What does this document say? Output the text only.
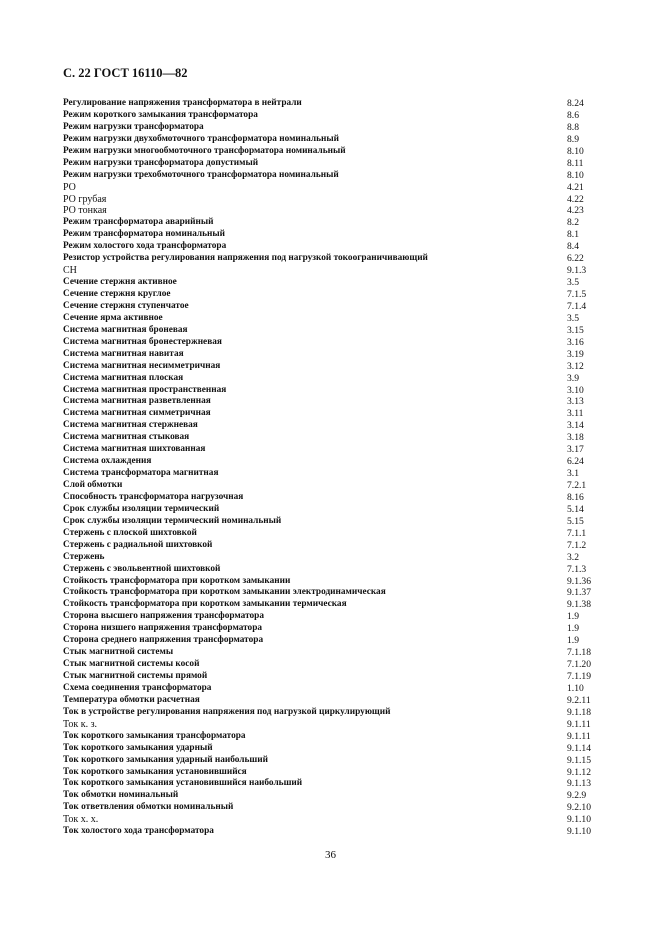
С. 22 ГОСТ 16110—82
Регулирование напряжения трансформатора в нейтрали	8.24
Режим короткого замыкания трансформатора	8.6
Режим нагрузки трансформатора	8.8
Режим нагрузки двухобмоточного трансформатора номинальный	8.9
Режим нагрузки многообмоточного трансформатора номинальный	8.10
Режим нагрузки трансформатора допустимый	8.11
Режим нагрузки трехобмоточного трансформатора номинальный	8.10
РО	4.21
РО грубая	4.22
РО тонкая	4.23
Режим трансформатора аварийный	8.2
Режим трансформатора номинальный	8.1
Режим холостого хода трансформатора	8.4
Резистор устройства регулирования напряжения под нагрузкой токоограничивающий	6.22
СН	9.1.3
Сечение стержня активное	3.5
Сечение стержня круглое	7.1.5
Сечение стержня ступенчатое	7.1.4
Сечение ярма активное	3.5
Система магнитная броневая	3.15
Система магнитная бронестержневая	3.16
Система магнитная навитая	3.19
Система магнитная несимметричная	3.12
Система магнитная плоская	3.9
Система магнитная пространственная	3.10
Система магнитная разветвленная	3.13
Система магнитная симметричная	3.11
Система магнитная стержневая	3.14
Система магнитная стыковая	3.18
Система магнитная шихтованная	3.17
Система охлаждения	6.24
Система трансформатора магнитная	3.1
Слой обмотки	7.2.1
Способность трансформатора нагрузочная	8.16
Срок службы изоляции термический	5.14
Срок службы изоляции термический номинальный	5.15
Стержень с плоской шихтовкой	7.1.1
Стержень с радиальной шихтовкой	7.1.2
Стержень	3.2
Стержень с эвольвентной шихтовкой	7.1.3
Стойкость трансформатора при коротком замыкании	9.1.36
Стойкость трансформатора при коротком замыкании электродинамическая	9.1.37
Стойкость трансформатора при коротком замыкании термическая	9.1.38
Сторона высшего напряжения трансформатора	1.9
Сторона низшего напряжения трансформатора	1.9
Сторона среднего напряжения трансформатора	1.9
Стык магнитной системы	7.1.18
Стык магнитной системы косой	7.1.20
Стык магнитной системы прямой	7.1.19
Схема соединения трансформатора	1.10
Температура обмотки расчетная	9.2.11
Ток в устройстве регулирования напряжения под нагрузкой циркулирующий	9.1.18
Ток к. з.	9.1.11
Ток короткого замыкания трансформатора	9.1.11
Ток короткого замыкания ударный	9.1.14
Ток короткого замыкания ударный наибольший	9.1.15
Ток короткого замыкания установившийся	9.1.12
Ток короткого замыкания установившийся наибольший	9.1.13
Ток обмотки номинальный	9.2.9
Ток ответвления обмотки номинальный	9.2.10
Ток х. х.	9.1.10
Ток холостого хода трансформатора	9.1.10
36
